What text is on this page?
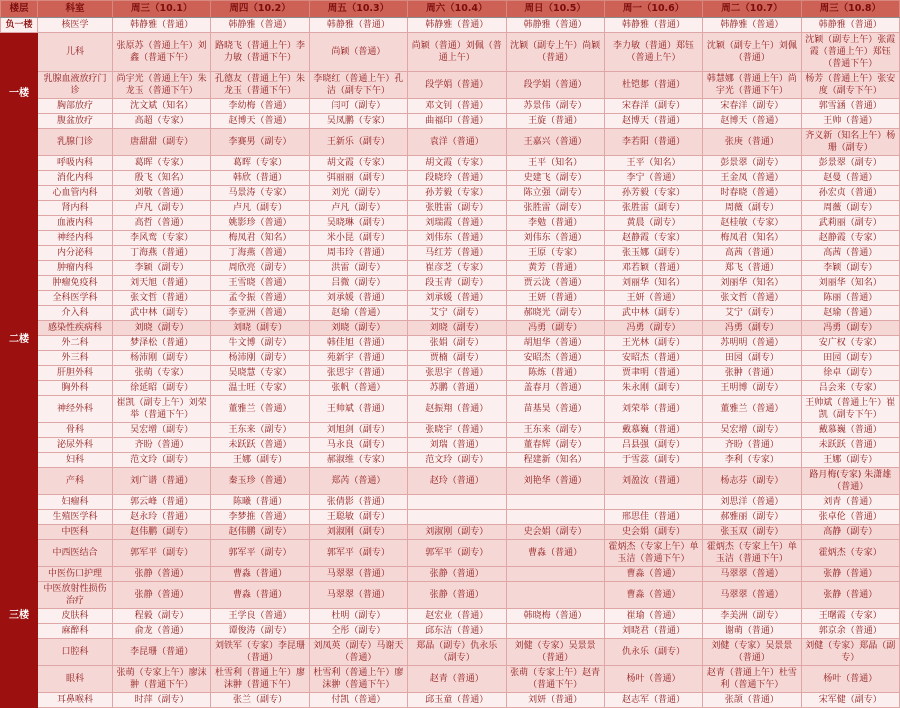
楼层	科室	周三（10.1）	周四（10.2）	周五（10.3）	周六（10.4）	周日（10.5）	周一（10.6）	周二（10.7）	周三（10.8）
负一楼	核医学	韩静雅（普通）	韩静雅（普通）	韩静雅（普通）	韩静雅（普通）	韩静雅（普通）	韩静雅（普通）	韩静雅（普通）	韩静雅（普通）
一楼	儿科	张原苏（普通上午）刘鑫（普通下午）	路晓飞（普通上午）李力敏（普通下午）	尚颖（普通）	尚颖（普通）刘佩（普通上午）	沈颖（副专上午）尚颖（普通）	李力敏（普通）郑钰（普通上午）	沈颖（副专上午）刘佩（普通）	沈颖（副专上午）张霞霞（普通上午）郑钰（普通下午）
	乳腺血液放疗门诊	尚宇光（普通上午）朱龙玉（普通下午）	孔德友（普通上午）朱龙玉（普通下午）	李晓红（普通上午）孔洁（副专下午）	段学娟（普通）	段学娟（普通）	杜铠郪（普通）	韩慧娜（普通上午）尚宇光（普通下午）	杨芳（普通上午）张安度（副专下午）
	胸部放疗	沈文斌（知名）	李幼梅（普通）	闫可（副专）	邓文钊（普通）	苏景伟（副专）	宋春洋（副专）	宋春洋（副专）	郭雪涵（普通）
	腹盆放疗	高超（专家）	赵博天（普通）	吴凤鹏（专家）	曲福印（普通）	王旋（普通）	赵博天（普通）	赵博天（普通）	王帅（普通）
	乳腺门诊	唐甜甜（副专）	李赛男（副专）	王新乐（副专）	袁洋（普通）	王嘉兴（普通）	李若阳（普通）	张庚（普通）	齐义新（知名上午）杨珊（副专）
二楼	呼吸内科	葛晖（专家）	葛晖（专家）	胡文霞（专家）	胡文霞（专家）	王平（知名）	王平（知名）	彭景翠（副专）	彭景翠（副专）
	消化内科	殷飞（知名）	韩欣（普通）	弭丽丽（副专）	段晓玲（普通）	史建飞（副专）	李宁（普通）	王金凤（普通）	赵曼（普通）
	心血管内科	刘敬（普通）	马景涛（专家）	刘光（副专）	孙芳毅（专家）	陈立强（副专）	孙芳毅（专家）	时春晓（普通）	孙宏贞（普通）
	肾内科	卢凡（副专）	卢凡（副专）	卢凡（副专）	张胜雷（副专）	张胜雷（副专）	张胜雷（副专）	周薇（副专）	周薇（副专）
	血液内科	高哲（普通）	姚影珍（普通）	吴晓琳（副专）	刘瑞霞（普通）	李勉（普通）	黄晨（副专）	赵桂敏（专家）	武莉丽（副专）
	神经内科	李风鸾（专家）	梅凤君（知名）	米小昆（副专）	刘伟东（普通）	刘伟东（普通）	赵静霞（专家）	梅凤君（知名）	赵静霞（专家）
	内分泌科	丁海燕（普通）	丁海燕（普通）	周韦玲（普通）	马红芳（普通）	王原（专家）	张玉娜（副专）	高茜（普通）	高茜（普通）
	肿瘤内科	李颖（副专）	周欣亮（副专）	洪雷（副专）	崔彦芝（专家）	黄芳（普通）	邓若颖（普通）	郑飞（普通）	李颖（副专）
	肿瘤免疫科	刘天旭（普通）	王雪晓（普通）	吕微（副专）	段玉青（副专）	贾云泷（普通）	刘丽华（知名）	刘丽华（知名）	刘丽华（知名）
	全科医学科	张文哲（普通）	孟令振（普通）	刘承媛（普通）	刘承媛（普通）	王妍（普通）	王妍（普通）	张文哲（普通）	陈丽（普通）
	介入科	武中林（副专）	李亚洲（普通）	赵瑜（普通）	艾宁（副专）	郝晓光（副专）	武中林（副专）	艾宁（副专）	赵瑜（普通）
	感染性疾病科	刘晓（副专）	刘晓（副专）	刘晓（副专）	刘晓（副专）	冯勇（副专）	冯勇（副专）	冯勇（副专）	冯勇（副专）
	外二科	梦泽松（普通）	牛文博（副专）	韩佳旭（普通）	张娟（副专）	胡旭华（普通）	王光林（副专）	苏明明（普通）	安广权（专家）
	外三科	杨沛刚（副专）	杨沛刚（副专）	苑新宇（普通）	贾楠（副专）	安昭杰（普通）	安昭杰（普通）	田园（副专）	田园（副专）
	肝胆外科	张萌（专家）	吴晓慧（专家）	张思宇（普通）	张思宇（普通）	陈炼（普通）	贾聿明（普通）	张翀（普通）	徐卓（副专）
	胸外科	徐延昭（副专）	温士旺（专家）	张帆（普通）	苏鹏（普通）	盖春月（普通）	朱永刚（副专）	王明博（副专）	吕会来（专家）
	神经外科	崔凯（副专上午）刘荣举（普通下午）	董雅兰（普通）	王帅斌（普通）	赵振翔（普通）	苗基昊（普通）	刘荣举（普通）	董雅兰（普通）	王帅斌（普通上午）崔凯（副专下午）
	骨科	吴宏增（副专）	王东来（副专）	刘旭剑（副专）	张晓宇（普通）	王东来（副专）	戴慕巍（普通）	吴宏增（副专）	戴慕巍（普通）
	泌尿外科	齐盼（普通）	未跃跃（普通）	马永良（副专）	刘瑞（普通）	董春辉（副专）	吕县强（副专）	齐盼（普通）	未跃跃（普通）
	妇科	范文玲（副专）	王娜（副专）	郝淑维（专家）	范文玲（副专）	程建新（知名）	于雪蕊（副专）	李利（专家）	王娜（副专）
	产科	刘广谱（普通）	秦玉珍（普通）	郑芮（普通）	赵玲（普通）	刘艳华（普通）	刘盈汝（普通）	杨志芬（副专）	路月梅(专家) 朱潇雄（普通）
	妇瘤科	郭云峰（普通）	陈曦（普通）	张倩影（普通）				刘思洋（普通）	刘青（普通）
	生殖医学科	赵永玲（普通）	李梦推（普通）	王聪敏（副专）			邢思佳（普通）	郝雅丽（副专）	张卓伦（普通）
三楼	中医科	赵伟鹏（副专）	赵伟鹏（副专）	刘淑刚（副专）	刘淑刚（副专）	史会娟（副专）	史会娟（副专）	张玉双（副专）	高静（副专）
	中西医结合	郭军平（副专）	郭军平（副专）	郭军平（副专）	郭军平（副专）	曹淼（普通）	霍炳杰（专家上午）单玉洁（普通下午）	霍炳杰（专家上午）单玉洁（普通下午）	霍炳杰（专家）
	中医伤口护理	张静（普通）	曹淼（普通）	马翠翠（普通）	张静（普通）		曹淼（普通）	马翠翠（普通）	张静（普通）
	中医放射性损伤治疗	张静（普通）	曹淼（普通）	马翠翠（普通）	张静（普通）		曹淼（普通）	马翠翠（普通）	张静（普通）
	皮肤科	程毅（副专）	王学良（普通）	杜明（副专）	赵宏业（普通）	韩晓梅（普通）	崔瑜（普通）	李美洲（副专）	王曙霞（专家）
	麻醉科	俞龙（普通）	谭俊涛（副专）	仝彤（副专）	邱东洁（普通）		刘晓君（普通）	谢萌（普通）	郭京余（普通）
	口腔科	李昆珊（普通）	刘铁军（专家）李昆珊（普通）	刘凤英（副专）马谢天（普通）	郑晶（副专）仇永乐（副专）	刘健（专家）吴景景（普通）	仇永乐（副专）	刘健（专家）吴景景（普通）	刘健（专家）郑晶（副专）
	眼科	张萌（专家上午）廖沫翀（普通下午）	杜雪利（普通上午）廖沫翀（普通下午）	杜雪利（普通上午）廖沫翀（普通下午）	赵青（普通）	张萌（专家上午）赵青（普通下午）	杨叶（普通）	赵青（普通上午）杜雪利（普通下午）	杨叶（普通）
	耳鼻喉科	时萍（副专）	张兰（副专）	付凯（普通）	邱玉童（普通）	刘妍（普通）	赵志军（普通）	张颉（普通）	宋军健（副专）
